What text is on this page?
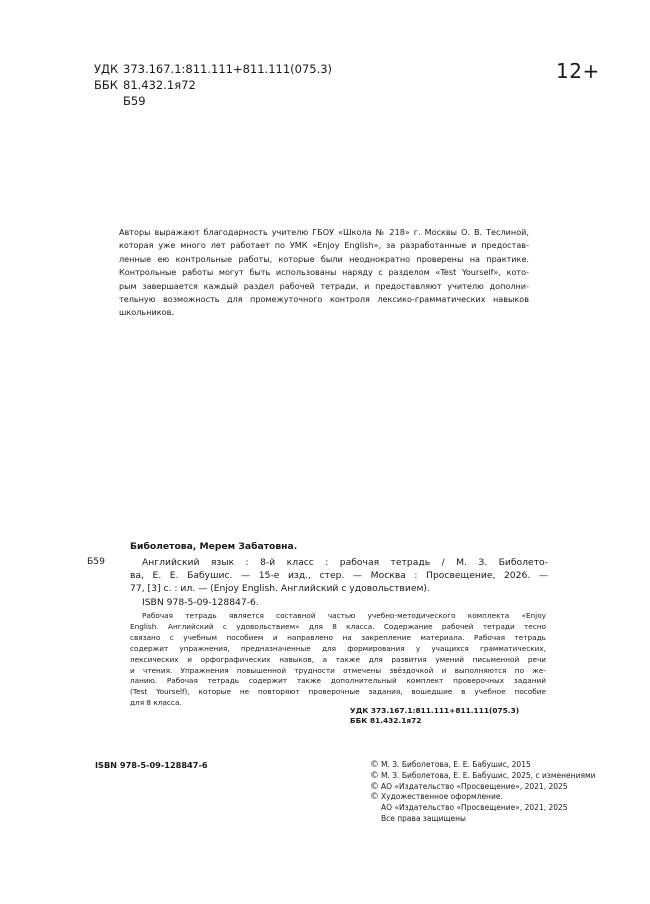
УДК 373.167.1:811.111+811.111(075.3)
ББК 81.432.1я72
Б59
12+
Авторы выражают благодарность учителю ГБОУ «Школа № 218» г. Москвы О. В. Теслиной,
которая уже много лет работает по УМК «Enjoy English», за разработанные и предостав-
ленные ею контрольные работы, которые были неоднократно проверены на практике.
Контрольные работы могут быть использованы наряду с разделом «Test Yourself», кото-
рым завершается каждый раздел рабочей тетради, и предоставляют учителю дополни-
тельную возможность для промежуточного контроля лексико-грамматических навыков
школьников.
Биболетова, Мерем Забатовна.
Б59	Английский язык : 8-й класс : рабочая тетрадь / М. З. Биболето-
ва, Е. Е. Бабушис. — 15-е изд., стер. — Москва : Просвещение, 2026. —
77, [3] с. : ил. — (Enjoy English. Английский с удовольствием).
ISBN 978-5-09-128847-6.
Рабочая тетрадь является составной частью учебно-методического комплекта «Enjoy
English. Английский с удовольствием» для 8 класса. Содержание рабочей тетради тесно
связано с учебным пособием и направлено на закрепление материала. Рабочая тетрадь
содержит упражнения, предназначенные для формирования у учащихся грамматических,
лексических и орфографических навыков, а также для развития умений письменной речи
и чтения. Упражнения повышенной трудности отмечены звёздочкой и выполняются по же-
ланию. Рабочая тетрадь содержит также дополнительный комплект проверочных заданий
(Test Yourself), которые не повторяют проверочные задания, вошедшие в учебное пособие
для 8 класса.
УДК 373.167.1:811.111+811.111(075.3)
ББК 81.432.1я72
ISBN 978-5-09-128847-6	© М. З. Биболетова, Е. Е. Бабушис, 2015
© М. З. Биболетова, Е. Е. Бабушис, 2025, с изменениями
© АО «Издательство «Просвещение», 2021, 2025
© Художественное оформление.
АО «Издательство «Просвещение», 2021, 2025
Все права защищены
